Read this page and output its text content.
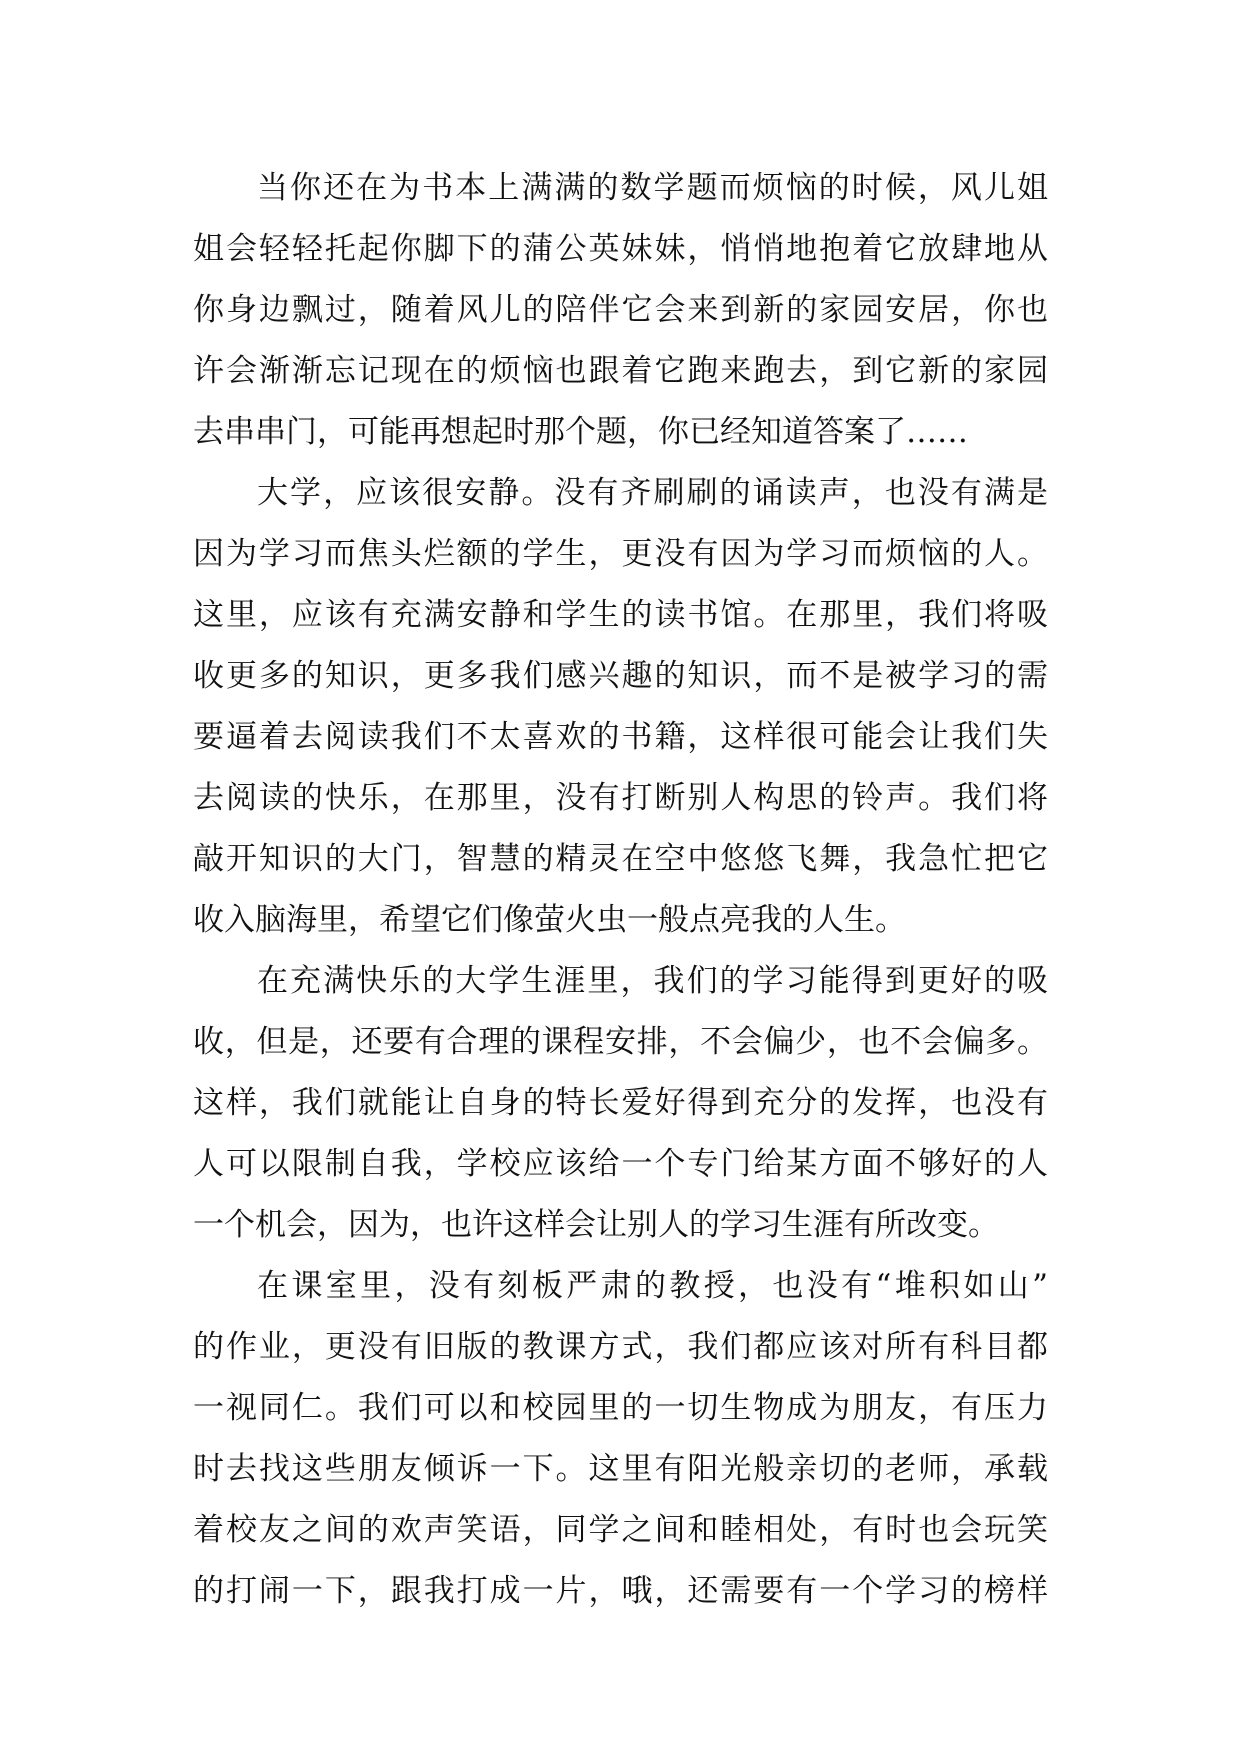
当你还在为书本上满满的数学题而烦恼的时候，风儿姐
姐会轻轻托起你脚下的蒲公英妹妹，悄悄地抱着它放肆地从
你身边飘过，随着风儿的陪伴它会来到新的家园安居，你也
许会渐渐忘记现在的烦恼也跟着它跑来跑去，到它新的家园
去串串门，可能再想起时那个题，你已经知道答案了……
大学，应该很安静。没有齐刷刷的诵读声，也没有满是
因为学习而焦头烂额的学生，更没有因为学习而烦恼的人。
这里，应该有充满安静和学生的读书馆。在那里，我们将吸
收更多的知识，更多我们感兴趣的知识，而不是被学习的需
要逼着去阅读我们不太喜欢的书籍，这样很可能会让我们失
去阅读的快乐，在那里，没有打断别人构思的铃声。我们将
敲开知识的大门，智慧的精灵在空中悠悠飞舞，我急忙把它
收入脑海里，希望它们像萤火虫一般点亮我的人生。
在充满快乐的大学生涯里，我们的学习能得到更好的吸
收，但是，还要有合理的课程安排，不会偏少，也不会偏多。
这样，我们就能让自身的特长爱好得到充分的发挥，也没有
人可以限制自我，学校应该给一个专门给某方面不够好的人
一个机会，因为，也许这样会让别人的学习生涯有所改变。
在课室里，没有刻板严肃的教授，也没有“堆积如山”
的作业，更没有旧版的教课方式，我们都应该对所有科目都
一视同仁。我们可以和校园里的一切生物成为朋友，有压力
时去找这些朋友倾诉一下。这里有阳光般亲切的老师，承载
着校友之间的欢声笑语，同学之间和睦相处，有时也会玩笑
的打闹一下，跟我打成一片，哦，还需要有一个学习的榜样
